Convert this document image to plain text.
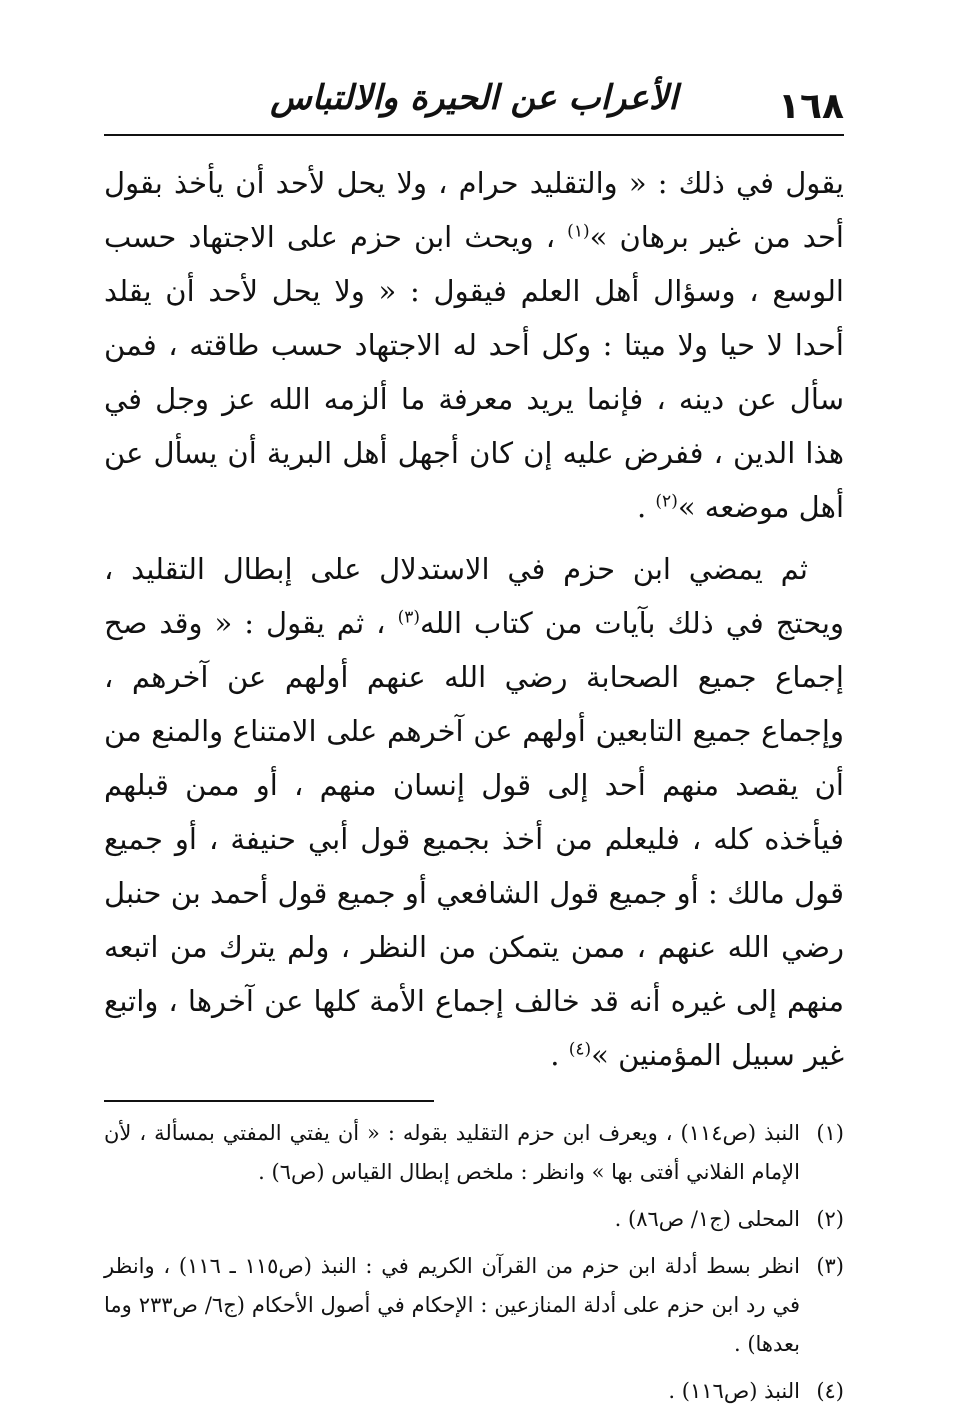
١٦٨
الأعراب عن الحيرة والالتباس

يقول في ذلك : « والتقليد حرام ، ولا يحل لأحد أن يأخذ بقول أحد من غير برهان »$^{(١)}$ ، ويحث ابن حزم على الاجتهاد حسب الوسع ، وسؤال أهل العلم فيقول : « ولا يحل لأحد أن يقلد أحدا لا حيا ولا ميتا : وكل أحد له الاجتهاد حسب طاقته ، فمن سأل عن دينه ، فإنما يريد معرفة ما ألزمه الله عز وجل في هذا الدين ، ففرض عليه إن كان أجهل أهل البرية أن يسأل عن أهل موضعه »$^{(٢)}$ .

ثم يمضي ابن حزم في الاستدلال على إبطال التقليد ، ويحتج في ذلك بآيات من كتاب الله$^{(٣)}$ ، ثم يقول : « وقد صح إجماع جميع الصحابة رضي الله عنهم أولهم عن آخرهم ، وإجماع جميع التابعين أولهم عن آخرهم على الامتناع والمنع من أن يقصد منهم أحد إلى قول إنسان منهم ، أو ممن قبلهم فيأخذه كله ، فليعلم من أخذ بجميع قول أبي حنيفة ، أو جميع قول مالك : أو جميع قول الشافعي أو جميع قول أحمد بن حنبل رضي الله عنهم ، ممن يتمكن من النظر ، ولم يترك من اتبعه منهم إلى غيره أنه قد خالف إجماع الأمة كلها عن آخرها ، واتبع غير سبيل المؤمنين »$^{(٤)}$ .

(١)
النبذ (ص١١٤) ، ويعرف ابن حزم التقليد بقوله : « أن يفتي المفتي بمسألة ، لأن الإمام الفلاني أفتى بها » وانظر : ملخص إبطال القياس (ص٦) .

(٢)
المحلى (ج١/ ص٨٦) .

(٣)
انظر بسط أدلة ابن حزم من القرآن الكريم في : النبذ (ص١١٥ ـ ١١٦) ، وانظر في رد ابن حزم على أدلة المنازعين : الإحكام في أصول الأحكام (ج٦/ ص٢٣٣ وما بعدها) .

(٤)
النبذ (ص١١٦) .
